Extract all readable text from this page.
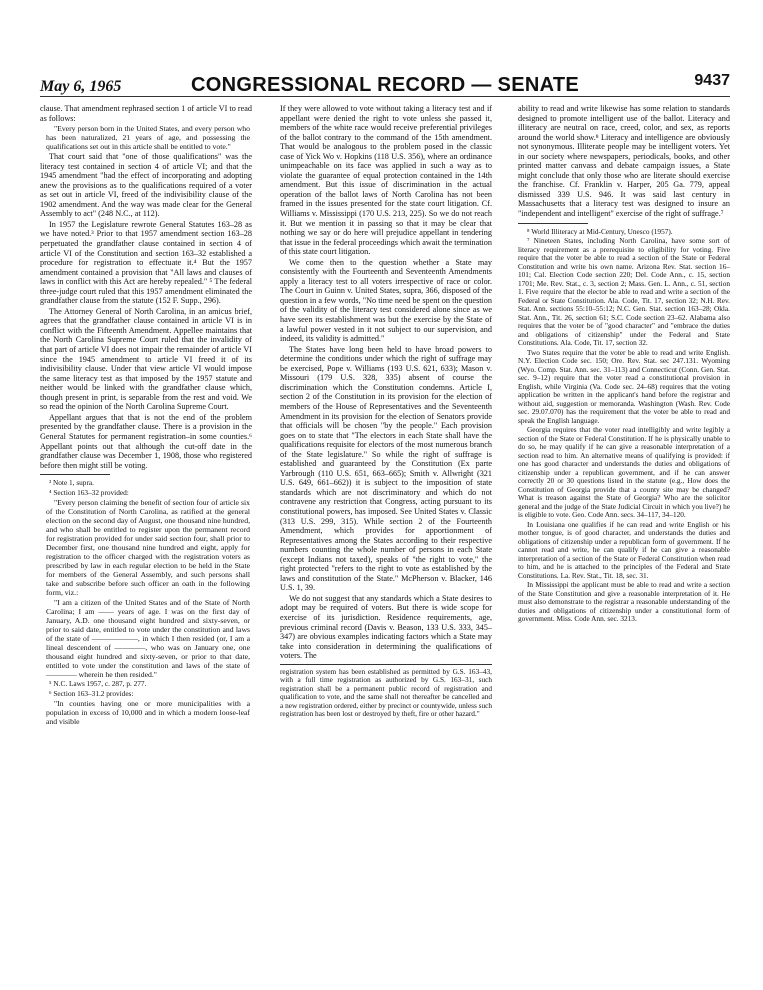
May 6, 1965	CONGRESSIONAL RECORD — SENATE	9437

clause. That amendment rephrased section 1 of article VI to read as follows:

"Every person born in the United States, and every person who has been naturalized, 21 years of age, and possessing the qualifications set out in this article shall be entitled to vote."

That court said that "one of those qualifications" was the literacy test contained in section 4 of article VI; and that the 1945 amendment "had the effect of incorporating and adopting anew the provisions as to the qualifications required of a voter as set out in article VI, freed of the indivisibility clause of the 1902 amendment. And the way was made clear for the General Assembly to act" (248 N.C., at 112).

In 1957 the Legislature rewrote General Statutes 163–28 as we have noted.³ Prior to that 1957 amendment section 163–28 perpetuated the grandfather clause contained in section 4 of article VI of the Constitution and section 163–32 established a procedure for registration to effectuate it.⁴ But the 1957 amendment contained a provision that "All laws and clauses of laws in conflict with this Act are hereby repealed." ⁵ The federal three-judge court ruled that this 1957 amendment eliminated the grandfather clause from the statute (152 F. Supp., 296).

The Attorney General of North Carolina, in an amicus brief, agrees that the grandfather clause contained in article VI is in conflict with the Fifteenth Amendment. Appellee maintains that the North Carolina Supreme Court ruled that the invalidity of that part of article VI does not impair the remainder of article VI since the 1945 amendment to article VI freed it of its indivisibility clause. Under that view article VI would impose the same literacy test as that imposed by the 1957 statute and neither would be linked with the grandfather clause which, though present in print, is separable from the rest and void. We so read the opinion of the North Carolina Supreme Court.

Appellant argues that that is not the end of the problem presented by the grandfather clause. There is a provision in the General Statutes for permanent registration–in some counties.⁶ Appellant points out that although the cut-off date in the grandfather clause was December 1, 1908, those who registered before then might still be voting.

³ Note 1, supra.

⁴ Section 163–32 provided:

"Every person claiming the benefit of section four of article six of the Constitution of North Carolina, as ratified at the general election on the second day of August, one thousand nine hundred, and who shall be entitled to register upon the permanent record for registration provided for under said section four, shall prior to December first, one thousand nine hundred and eight, apply for registration to the officer charged with the registration voters as prescribed by law in each regular election to be held in the State for members of the General Assembly, and such persons shall take and subscribe before such officer an oath in the following form, viz.:

"I am a citizen of the United States and of the State of North Carolina; I am —— years of age. I was on the first day of January, A.D. one thousand eight hundred and sixty-seven, or prior to said date, entitled to vote under the constitution and laws of the state of ——————, in which I then resided (or, I am a lineal descendent of ————, who was on January one, one thousand eight hundred and sixty-seven, or prior to that date, entitled to vote under the constitution and laws of the state of ———— wherein he then resided."

⁵ N.C. Laws 1957, c. 287, p. 277.

⁶ Section 163–31.2 provides:

"In counties having one or more municipalities with a population in excess of 10,000 and in which a modern loose-leaf and visible

If they were allowed to vote without taking a literacy test and if appellant were denied the right to vote unless she passed it, members of the white race would receive preferential privileges of the ballot contrary to the command of the 15th amendment. That would be analogous to the problem posed in the classic case of Yick Wo v. Hopkins (118 U.S. 356), where an ordinance unimpeachable on its face was applied in such a way as to violate the guarantee of equal protection contained in the 14th amendment. But this issue of discrimination in the actual operation of the ballot laws of North Carolina has not been framed in the issues presented for the state court litigation. Cf. Williams v. Mississippi (170 U.S. 213, 225). So we do not reach it. But we mention it in passing so that it may be clear that nothing we say or do here will prejudice appellant in tendering that issue in the federal proceedings which await the termination of this state court litigation.

We come then to the question whether a State may consistently with the Fourteenth and Seventeenth Amendments apply a literacy test to all voters irrespective of race or color. The Court in Guinn v. United States, supra, 366, disposed of the question in a few words, "No time need be spent on the question of the validity of the literacy test considered alone since as we have seen its establishment was but the exercise by the State of a lawful power vested in it not subject to our supervision, and indeed, its validity is admitted."

The States have long been held to have broad powers to determine the conditions under which the right of suffrage may be exercised, Pope v. Williams (193 U.S. 621, 633); Mason v. Missouri (179 U.S. 328, 335) absent of course the discrimination which the Constitution condemns. Article I, section 2 of the Constitution in its provision for the election of members of the House of Representatives and the Seventeenth Amendment in its provision for the election of Senators provide that officials will be chosen "by the people." Each provision goes on to state that "The electors in each State shall have the qualifications requisite for electors of the most numerous branch of the State legislature." So while the right of suffrage is established and guaranteed by the Constitution (Ex parte Yarbrough (110 U.S. 651, 663–665); Smith v. Allwright (321 U.S. 649, 661–662)) it is subject to the imposition of state standards which are not discriminatory and which do not contravene any restriction that Congress, acting pursuant to its constitutional powers, has imposed. See United States v. Classic (313 U.S. 299, 315). While section 2 of the Fourteenth Amendment, which provides for apportionment of Representatives among the States according to their respective numbers counting the whole number of persons in each State (except Indians not taxed), speaks of "the right to vote," the right protected "refers to the right to vote as established by the laws and constitution of the State." McPherson v. Blacker, 146 U.S. 1, 39.

We do not suggest that any standards which a State desires to adopt may be required of voters. But there is wide scope for exercise of its jurisdiction. Residence requirements, age, previous criminal record (Davis v. Beason, 133 U.S. 333, 345–347) are obvious examples indicating factors which a State may take into consideration in determining the qualifications of voters. The

registration system has been established as permitted by G.S. 163–43, with a full time registration as authorized by G.S. 163–31, such registration shall be a permanent public record of registration and qualification to vote, and the same shall not thereafter be cancelled and a new registration ordered, either by precinct or countywide, unless such registration has been lost or destroyed by theft, fire or other hazard."

ability to read and write likewise has some relation to standards designed to promote intelligent use of the ballot. Literacy and illiteracy are neutral on race, creed, color, and sex, as reports around the world show.⁸ Literacy and intelligence are obviously not synonymous. Illiterate people may be intelligent voters. Yet in our society where newspapers, periodicals, books, and other printed matter canvass and debate campaign issues, a State might conclude that only those who are literate should exercise the franchise. Cf. Franklin v. Harper, 205 Ga. 779, appeal dismissed 339 U.S. 946. It was said last century in Massachusetts that a literacy test was designed to insure an "independent and intelligent" exercise of the right of suffrage.⁷

⁸ World Illiteracy at Mid-Century, Unesco (1957).

⁷ Nineteen States, including North Carolina, have some sort of literacy requirement as a prerequisite to eligibility for voting. Five require that the voter be able to read a section of the State or Federal Constitution and write his own name. Arizona Rev. Stat. section 16–101; Cal. Election Code section 220; Del. Code Ann., c. 15, section 1701; Me. Rev. Stat., c. 3, section 2; Mass. Gen. L. Ann., c. 51, section 1. Five require that the elector be able to read and write a section of the Federal or State Constitution. Ala. Code, Tit. 17, section 32; N.H. Rev. Stat. Ann. sections 55:10–55:12; N.C. Gen. Stat. section 163–28; Okla. Stat. Ann., Tit. 26, section 61; S.C. Code section 23–62. Alabama also requires that the voter be of "good character" and "embrace the duties and obligations of citizenship" under the Federal and State Constitutions. Ala. Code, Tit. 17, section 32.

Two States require that the voter be able to read and write English. N.Y. Election Code sec. 150; Ore. Rev. Stat. sec 247.131. Wyoming (Wyo. Comp. Stat. Ann. sec. 31–113) and Connecticut (Conn. Gen. Stat. sec. 9–12) require that the voter read a constitutional provision in English, while Virginia (Va. Code sec. 24–68) requires that the voting application be written in the applicant's hand before the registrar and without aid, suggestion or memoranda. Washington (Wash. Rev. Code sec. 29.07.070) has the requirement that the voter be able to read and speak the English language.

Georgia requires that the voter read intelligibly and write legibly a section of the State or Federal Constitution. If he is physically unable to do so, he may qualify if he can give a reasonable interpretation of a section read to him. An alternative means of qualifying is provided: if one has good character and understands the duties and obligations of citizenship under a republican government, and if he can answer correctly 20 or 30 questions listed in the statute (e.g., How does the Constitution of Georgia provide that a county site may be changed? What is treason against the State of Georgia? Who are the solicitor general and the judge of the State Judicial Circuit in which you live?) he is eligible to vote. Geo. Code Ann. secs. 34–117, 34–120.

In Louisiana one qualifies if he can read and write English or his mother tongue, is of good character, and understands the duties and obligations of citizenship under a republican form of government. If he cannot read and write, he can qualify if he can give a reasonable interpretation of a section of the State or Federal Constitution when read to him, and he is attached to the principles of the Federal and State Constitutions. La. Rev. Stat., Tit. 18, sec. 31.

In Mississippi the applicant must be able to read and write a section of the State Constitution and give a reasonable interpretation of it. He must also demonstrate to the registrar a reasonable understanding of the duties and obligations of citizenship under a constitutional form of government. Miss. Code Ann. sec. 3213.
